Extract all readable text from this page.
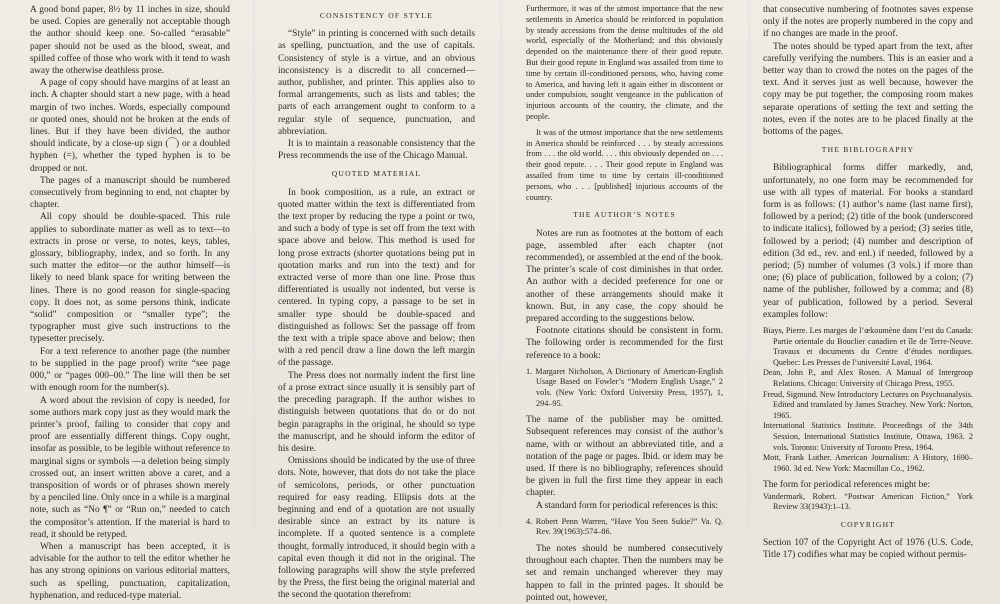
A good bond paper, 8½ by 11 inches in size, should be used. Copies are generally not acceptable though the author should keep one. So-called “erasable” paper should not be used as the blood, sweat, and spilled coffee of those who work with it tend to wash away the otherwise deathless prose.

A page of copy should have margins of at least an inch. A chapter should start a new page, with a head margin of two inches. Words, especially compound or quoted ones, should not be broken at the ends of lines. But if they have been divided, the author should indicate, by a close-up sign (⁀) or a doubled hyphen (=), whether the typed hyphen is to be dropped or not.

The pages of a manuscript should be numbered consecutively from beginning to end, not chapter by chapter.

All copy should be double-spaced. This rule applies to subordinate matter as well as to text—to extracts in prose or verse, to notes, keys, tables, glossary, bibliography, index, and so forth. In any such matter the editor—or the author himself—is likely to need blank space for writing between the lines. There is no good reason for single-spacing copy. It does not, as some persons think, indicate “solid” composition or “smaller type”; the typographer must give such instructions to the typesetter precisely.

For a text reference to another page (the number to be supplied in the page proof) write “see page 000,” or “pages 000–00.” The line will then be set with enough room for the number(s).

A word about the revision of copy is needed, for some authors mark copy just as they would mark the printer’s proof, failing to consider that copy and proof are essentially different things. Copy ought, insofar as possible, to be legible without reference to marginal signs or symbols —a deletion being simply crossed out, an insert written above a caret, and a transposition of words or of phrases shown merely by a penciled line. Only once in a while is a marginal note, such as “No ¶” or “Run on,” needed to catch the compositor’s attention. If the material is hard to read, it should be retyped.

When a manuscript has been accepted, it is advisable for the author to tell the editor whether he has any strong opinions on various editorial matters, such as spelling, punctuation, capitalization, hyphenation, and reduced-type material.

CONSISTENCY OF STYLE

“Style” in printing is concerned with such details as spelling, punctuation, and the use of capitals. Consistency of style is a virtue, and an obvious inconsistency is a discredit to all concerned—author, publisher, and printer. This applies also to formal arrangements, such as lists and tables; the parts of each arrangement ought to conform to a regular style of sequence, punctuation, and abbreviation.

It is to maintain a reasonable consistency that the Press recommends the use of the Chicago Manual.

QUOTED MATERIAL

In book composition, as a rule, an extract or quoted matter within the text is differentiated from the text proper by reducing the type a point or two, and such a body of type is set off from the text with space above and below. This method is used for long prose extracts (shorter quotations being put in quotation marks and run into the text) and for extracted verse of more than one line. Prose thus differentiated is usually not indented, but verse is centered. In typing copy, a passage to be set in smaller type should be double-spaced and distinguished as follows: Set the passage off from the text with a triple space above and below; then with a red pencil draw a line down the left margin of the passage.

The Press does not normally indent the first line of a prose extract since usually it is sensibly part of the preceding paragraph. If the author wishes to distinguish between quotations that do or do not begin paragraphs in the original, he should so type the manuscript, and he should inform the editor of his desire.

Omissions should be indicated by the use of three dots. Note, however, that dots do not take the place of semicolons, periods, or other punctuation required for easy reading. Ellipsis dots at the beginning and end of a quotation are not usually desirable since an extract by its nature is incomplete. If a quoted sentence is a complete thought, formally introduced, it should begin with a capital even though it did not in the original. The following paragraphs will show the style preferred by the Press, the first being the original material and the second the quotation therefrom:

Furthermore, it was of the utmost importance that the new settlements in America should be reinforced in population by steady accessions from the dense multitudes of the old world, especially of the Motherland; and this obviously depended on the maintenance there of their good repute. But their good repute in England was assailed from time to time by certain ill-conditioned persons, who, having come to America, and having left it again either in discontent or under compulsion, sought vengeance in the publication of injurious accounts of the country, the climate, and the people.

It was of the utmost importance that the new settlements in America should be reinforced . . . by steady accessions from . . . the old world. . . . this obviously depended on . . . their good repute. . . . Their good repute in England was assailed from time to time by certain ill-conditioned persons, who . . . [published] injurious accounts of the country.

THE AUTHOR’S NOTES

Notes are run as footnotes at the bottom of each page, assembled after each chapter (not recommended), or assembled at the end of the book. The printer’s scale of cost diminishes in that order. An author with a decided preference for one or another of these arrangements should make it known. But, in any case, the copy should be prepared according to the suggestions below.

Footnote citations should be consistent in form. The following order is recommended for the first reference to a book:

1. Margaret Nicholson, A Dictionary of American-English Usage Based on Fowler’s “Modern English Usage,” 2 vols. (New York: Oxford University Press, 1957), 1, 294–95.

The name of the publisher may be omitted. Subsequent references may consist of the author’s name, with or without an abbreviated title, and a notation of the page or pages. Ibid. or idem may be used. If there is no bibliography, references should be given in full the first time they appear in each chapter.

A standard form for periodical references is this:

4. Robert Penn Warren, “Have You Seen Sukie?” Va. Q. Rev. 39(1963):574–86.

The notes should be numbered consecutively throughout each chapter. Then the numbers may be set and remain unchanged wherever they may happen to fall in the printed pages. It should be pointed out, however,

that consecutive numbering of footnotes saves expense only if the notes are properly numbered in the copy and if no changes are made in the proof.

The notes should be typed apart from the text, after carefully verifying the numbers. This is an easier and a better way than to crowd the notes on the pages of the text. And it serves just as well because, however the copy may be put together, the composing room makes separate operations of setting the text and setting the notes, even if the notes are to be placed finally at the bottoms of the pages.

THE BIBLIOGRAPHY

Bibliographical forms differ markedly, and, unfortunately, no one form may be recommended for use with all types of material. For books a standard form is as follows: (1) author’s name (last name first), followed by a period; (2) title of the book (underscored to indicate italics), followed by a period; (3) series title, followed by a period; (4) number and description of edition (3d ed., rev. and enl.) if needed, followed by a period; (5) number of volumes (3 vols.) if more than one; (6) place of publication, followed by a colon; (7) name of the publisher, followed by a comma; and (8) year of publication, followed by a period. Several examples follow:

Biays, Pierre. Les marges de l’œkoumène dans l’est du Canada: Partie orientale du Bouclier canadien et île de Terre-Neuve. Travaux et documents du Centre d’études nordiques. Quebec: Les Presses de l’université Laval, 1964.

Dean, John P., and Alex Rosen. A Manual of Intergroup Relations. Chicago: University of Chicago Press, 1955.

Freud, Sigmund. New Introductory Lectures on Psychoanalysis. Edited and translated by James Strachey. New York: Norton, 1965.

International Statistics Institute. Proceedings of the 34th Session, International Statistics Institute, Ottawa, 1963. 2 vols. Toronto: University of Toronto Press, 1964.

Mott, Frank Luther. American Journalism: A History, 1690–1960. 3d ed. New York: Macmillan Co., 1962.

The form for periodical references might be:

Vandermark, Robert. “Postwar American Fiction,” York Review 33(1943):1–13.

COPYRIGHT

Section 107 of the Copyright Act of 1976 (U.S. Code, Title 17) codifies what may be copied without permis-
